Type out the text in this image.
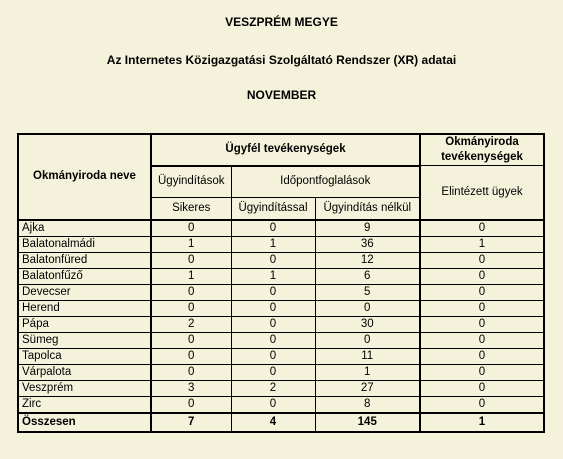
VESZPRÉM MEGYE
Az Internetes Közigazgatási Szolgáltató Rendszer (XR) adatai
NOVEMBER
Okmányiroda neve	Ügyfél tevékenységek			Okmányiroda tevékenységek
	Ügyindítások	Időpontfoglalások		Elintézett ügyek
	Sikeres	Ügyindítással	Ügyindítás nélkül	
Ajka	0	0	9	0
Balatonalmádi	1	1	36	1
Balatonfüred	0	0	12	0
Balatonfűző	1	1	6	0
Devecser	0	0	5	0
Herend	0	0	0	0
Pápa	2	0	30	0
Sümeg	0	0	0	0
Tapolca	0	0	11	0
Várpalota	0	0	1	0
Veszprém	3	2	27	0
Zirc	0	0	8	0
Összesen	7	4	145	1
